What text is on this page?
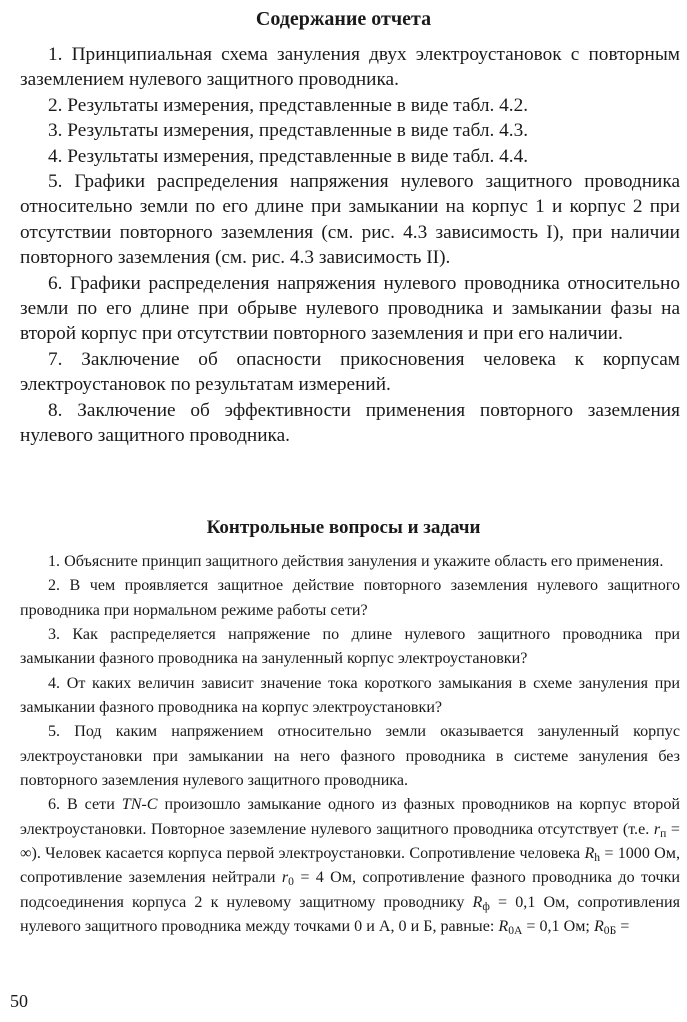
Содержание отчета

1. Принципиальная схема зануления двух электроустановок с повторным заземлением нулевого защитного проводника.

2. Результаты измерения, представленные в виде табл. 4.2.

3. Результаты измерения, представленные в виде табл. 4.3.

4. Результаты измерения, представленные в виде табл. 4.4.

5. Графики распределения напряжения нулевого защитного проводника относительно земли по его длине при замыкании на корпус 1 и корпус 2 при отсутствии повторного заземления (см. рис. 4.3 зависимость I), при наличии повторного заземления (см. рис. 4.3 зависимость II).

6. Графики распределения напряжения нулевого проводника относительно земли по его длине при обрыве нулевого проводника и замыкании фазы на второй корпус при отсутствии повторного заземления и при его наличии.

7. Заключение об опасности прикосновения человека к корпусам электроустановок по результатам измерений.

8. Заключение об эффективности применения повторного заземления нулевого защитного проводника.

Контрольные вопросы и задачи

1. Объясните принцип защитного действия зануления и укажите область его применения.

2. В чем проявляется защитное действие повторного заземления нулевого защитного проводника при нормальном режиме работы сети?

3. Как распределяется напряжение по длине нулевого защитного проводника при замыкании фазного проводника на зануленный корпус электроустановки?

4. От каких величин зависит значение тока короткого замыкания в схеме зануления при замыкании фазного проводника на корпус электроустановки?

5. Под каким напряжением относительно земли оказывается зануленный корпус электроустановки при замыкании на него фазного проводника в системе зануления без повторного заземления нулевого защитного проводника.

6. В сети TN-C произошло замыкание одного из фазных проводников на корпус второй электроустановки. Повторное заземление нулевого защитного проводника отсутствует (т.е. $r_п$ = ∞). Человек касается корпуса первой электроустановки. Сопротивление человека $R_h = 1000$ Ом, сопротивление заземления нейтрали $r_0 = 4$ Ом, сопротивление фазного проводника до точки подсоединения корпуса 2 к нулевому защитному проводнику $R_ф = 0,1$ Ом, сопротивления нулевого защитного проводника между точками 0 и А, 0 и Б, равные: $R_{0А} = 0,1$ Ом; $R_{0Б}$ =

50
